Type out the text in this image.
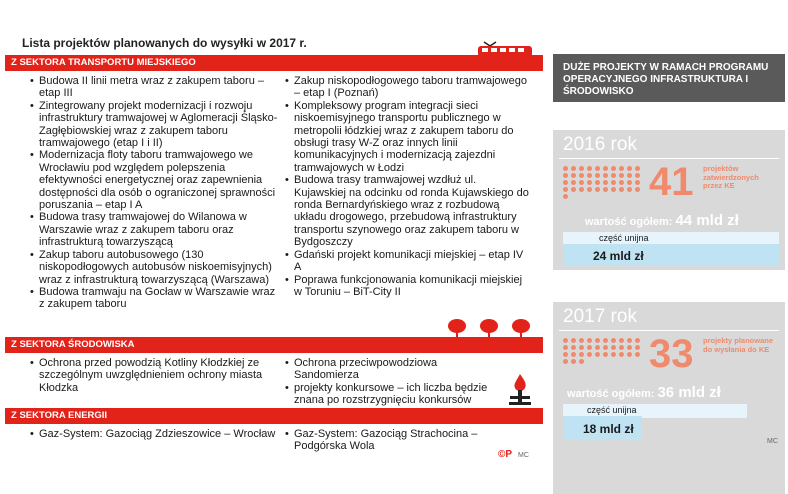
Lista projektów planowanych do wysyłki w 2017 r.
Z SEKTORA TRANSPORTU MIEJSKIEGO
• Budowa II linii metra wraz z zakupem taboru – etap III
• Zintegrowany projekt modernizacji i rozwoju infrastruktury tramwajowej w Aglomeracji Śląsko-Zagłębiowskiej wraz z zakupem taboru tramwajowego (etap I i II)
• Modernizacja floty taboru tramwajowego we Wrocławiu pod względem polepszenia efektywności energetycznej oraz zapewnienia dostępności dla osób o ograniczonej sprawności poruszania – etap I A
• Budowa trasy tramwajowej do Wilanowa w Warszawie wraz z zakupem taboru oraz infrastrukturą towarzyszącą
• Zakup taboru autobusowego (130 niskopodłogowych autobusów niskoemisyjnych) wraz z infrastrukturą towarzyszącą (Warszawa)
• Budowa tramwaju na Gocław w Warszawie wraz z zakupem taboru
• Zakup niskopodłogowego taboru tramwajowego – etap I (Poznań)
• Kompleksowy program integracji sieci niskoemisyjnego transportu publicznego w metropolii łódzkiej wraz z zakupem taboru do obsługi trasy W-Z oraz innych linii komunikacyjnych i modernizacją zajezdni tramwajowych w Łodzi
• Budowa trasy tramwajowej wzdłuż ul. Kujawskiej na odcinku od ronda Kujawskiego do ronda Bernardyńskiego wraz z rozbudową układu drogowego, przebudową infrastruktury transportu szynowego oraz zakupem taboru w Bydgoszczy
• Gdański projekt komunikacji miejskiej – etap IV A
• Poprawa funkcjonowania komunikacji miejskiej w Toruniu – BiT-City II
Z SEKTORA ŚRODOWISKA
• Ochrona przed powodzią Kotliny Kłodzkiej ze szczególnym uwzględnieniem ochrony miasta Kłodzka
• Ochrona przeciwpowodziowa Sandomierza
• projekty konkursowe – ich liczba będzie znana po rozstrzygnięciu konkursów
Z SEKTORA ENERGII
• Gaz-System: Gazociąg Zdzieszowice – Wrocław
•	Gaz-System: Gazociąg Strachocina – Podgórska Wola
©P MC
DUŻE PROJEKTY W RAMACH PROGRAMU OPERACYJNEGO INFRASTRUKTURA I ŚRODOWISKO
2016 rok
41 projektów zatwierdzonych przez KE
wartość ogółem: 44 mld zł
część unijna
24 mld zł
2017 rok
33 projekty planowane do wysłania do KE
wartość ogółem: 36 mld zł
część unijna
18 mld zł
MC
